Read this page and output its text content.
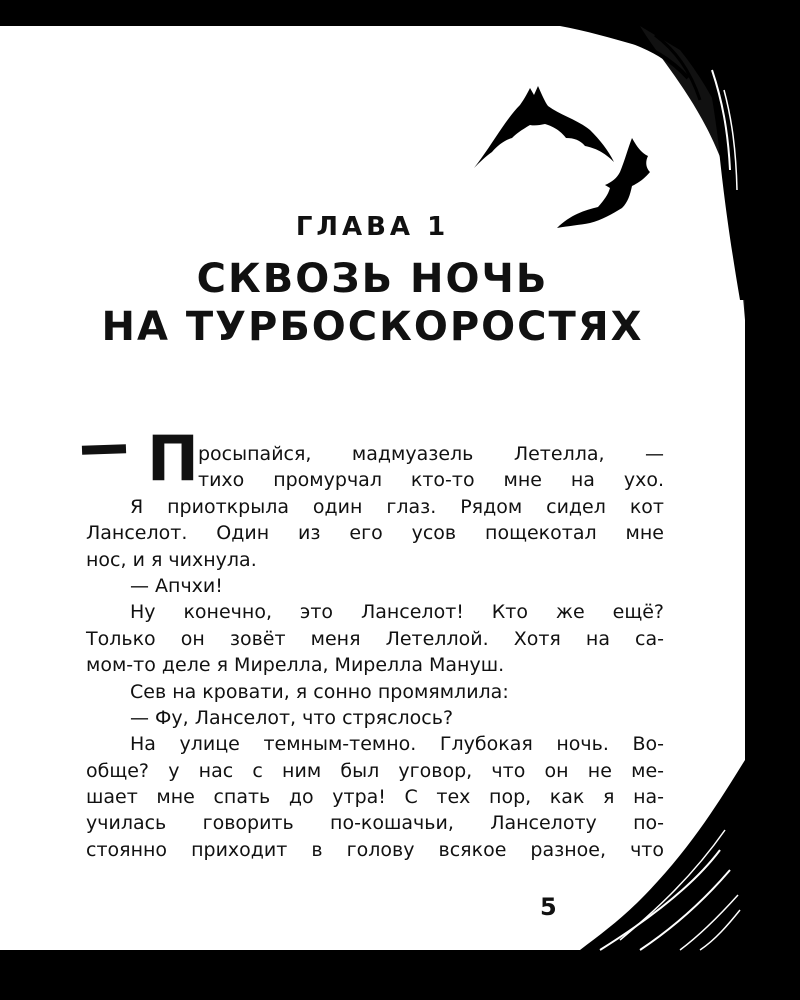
ГЛАВА 1
СКВОЗЬ НОЧЬ
НА ТУРБОСКОРОСТЯХ
П росыпайся, мадмуазель Летелла, —
тихо промурчал кто-то мне на ухо.
Я приоткрыла один глаз. Рядом сидел кот
Ланселот. Один из его усов пощекотал мне
нос, и я чихнула.
— Апчхи!
Ну конечно, это Ланселот! Кто же ещё?
Только он зовёт меня Летеллой. Хотя на са-
мом-то деле я Мирелла, Мирелла Мануш.
Сев на кровати, я сонно промямлила:
— Фу, Ланселот, что стряслось?
На улице темным-темно. Глубокая ночь. Во-
обще? у нас с ним был уговор, что он не ме-
шает мне спать до утра! С тех пор, как я на-
училась говорить по-кошачьи, Ланселоту по-
стоянно приходит в голову всякое разное, что
5
